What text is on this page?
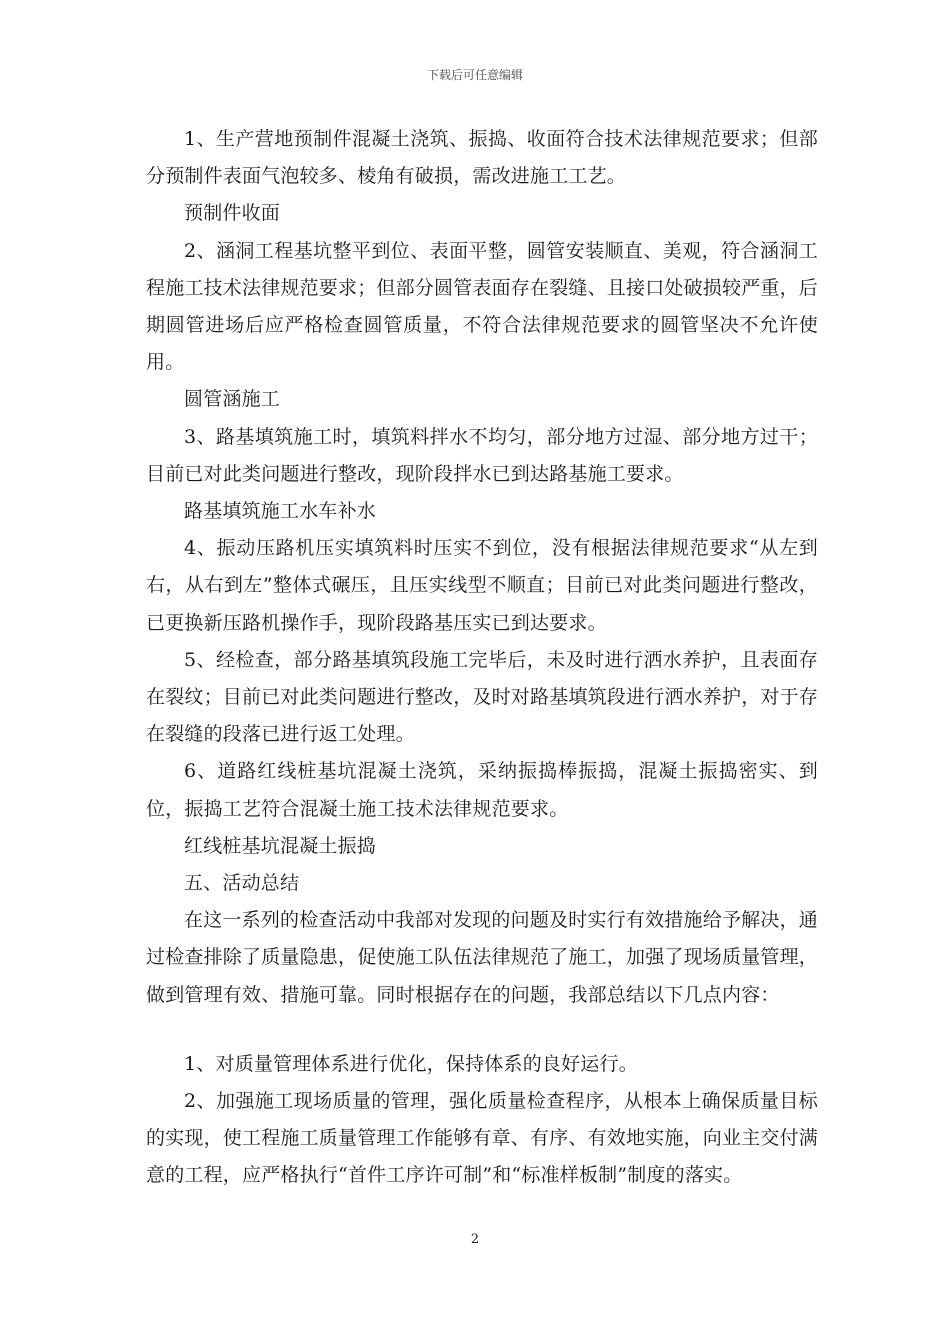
下载后可任意编辑

1、生产营地预制件混凝土浇筑、振捣、收面符合技术法律规范要求；但部分预制件表面气泡较多、棱角有破损，需改进施工工艺。

预制件收面

2、涵洞工程基坑整平到位、表面平整，圆管安装顺直、美观，符合涵洞工程施工技术法律规范要求；但部分圆管表面存在裂缝、且接口处破损较严重，后期圆管进场后应严格检查圆管质量，不符合法律规范要求的圆管坚决不允许使用。

圆管涵施工

3、路基填筑施工时，填筑料拌水不均匀，部分地方过湿、部分地方过干；目前已对此类问题进行整改，现阶段拌水已到达路基施工要求。

路基填筑施工水车补水

4、振动压路机压实填筑料时压实不到位，没有根据法律规范要求“从左到右，从右到左”整体式碾压，且压实线型不顺直；目前已对此类问题进行整改，已更换新压路机操作手，现阶段路基压实已到达要求。

5、经检查，部分路基填筑段施工完毕后，未及时进行洒水养护，且表面存在裂纹；目前已对此类问题进行整改，及时对路基填筑段进行洒水养护，对于存在裂缝的段落已进行返工处理。

6、道路红线桩基坑混凝土浇筑，采纳振捣棒振捣，混凝土振捣密实、到位，振捣工艺符合混凝土施工技术法律规范要求。

红线桩基坑混凝土振捣

五、活动总结

在这一系列的检查活动中我部对发现的问题及时实行有效措施给予解决，通过检查排除了质量隐患，促使施工队伍法律规范了施工，加强了现场质量管理，做到管理有效、措施可靠。同时根据存在的问题，我部总结以下几点内容：

1、对质量管理体系进行优化，保持体系的良好运行。

2、加强施工现场质量的管理，强化质量检查程序，从根本上确保质量目标的实现，使工程施工质量管理工作能够有章、有序、有效地实施，向业主交付满意的工程，应严格执行“首件工序许可制”和“标准样板制”制度的落实。

2
